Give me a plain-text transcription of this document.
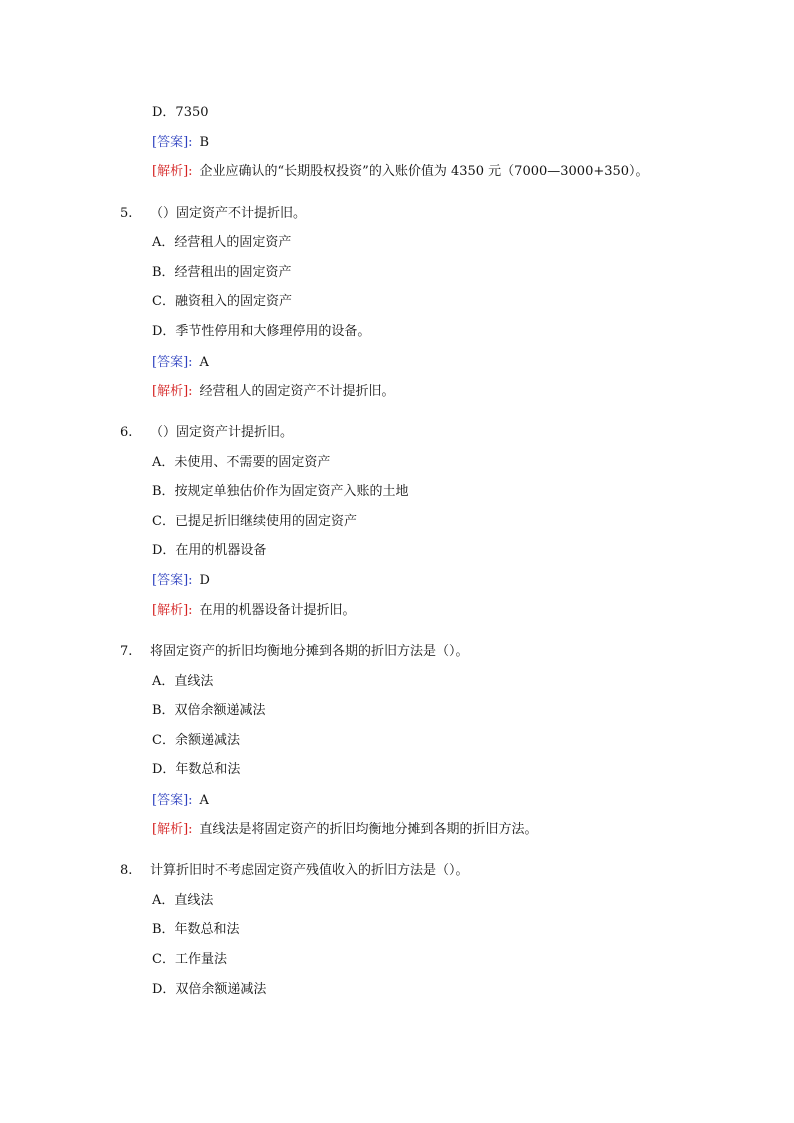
D．7350
[答案]: B
[解析]: 企业应确认的“长期股权投资”的入账价值为 4350 元（7000—3000+350）。
5. （）固定资产不计提折旧。
A．经营租人的固定资产
B．经营租出的固定资产
C．融资租入的固定资产
D．季节性停用和大修理停用的设备。
[答案]: A
[解析]: 经营租人的固定资产不计提折旧。
6. （）固定资产计提折旧。
A．未使用、不需要的固定资产
B．按规定单独估价作为固定资产入账的土地
C．已提足折旧继续使用的固定资产
D．在用的机器设备
[答案]: D
[解析]: 在用的机器设备计提折旧。
7. 将固定资产的折旧均衡地分摊到各期的折旧方法是（）。
A．直线法
B．双倍余额递减法
C．余额递减法
D．年数总和法
[答案]: A
[解析]: 直线法是将固定资产的折旧均衡地分摊到各期的折旧方法。
8. 计算折旧时不考虑固定资产残值收入的折旧方法是（）。
A．直线法
B．年数总和法
C．工作量法
D．双倍余额递减法
